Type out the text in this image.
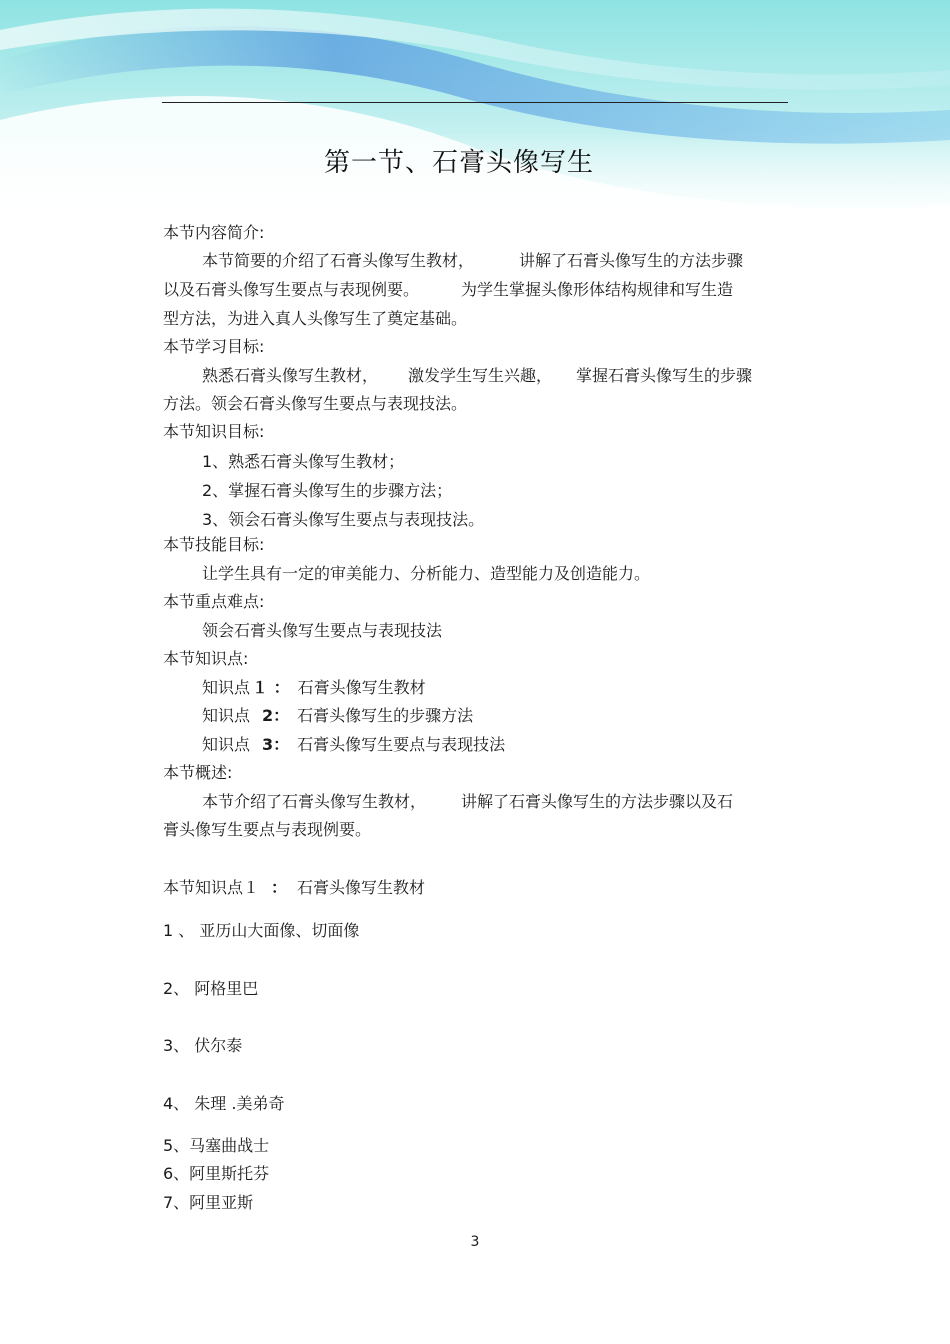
第一节、石膏头像写生
本节内容简介:
本节简要的介绍了石膏头像写生教材，	讲解了石膏头像写生的方法步骤
以及石膏头像写生要点与表现例要。	为学生掌握头像形体结构规律和写生造
型方法，为进入真人头像写生了奠定基础。
本节学习目标:
熟悉石膏头像写生教材， 激发学生写生兴趣， 掌握石膏头像写生的步骤
方法。领会石膏头像写生要点与表现技法。
本节知识目标:
1、熟悉石膏头像写生教材；
2、掌握石膏头像写生的步骤方法；
3、领会石膏头像写生要点与表现技法。
本节技能目标:
让学生具有一定的审美能力、分析能力、造型能力及创造能力。
本节重点难点:
领会石膏头像写生要点与表现技法
本节知识点:
知识点 １ ： 石膏头像写生教材
知识点 2： 石膏头像写生的步骤方法
知识点 3： 石膏头像写生要点与表现技法
本节概述:
本节介绍了石膏头像写生教材， 讲解了石膏头像写生的方法步骤以及石
膏头像写生要点与表现例要。
本节知识点１ ： 石膏头像写生教材
1 、 亚历山大面像、切面像
2、 阿格里巴
3、 伏尔泰
4、 朱理 .美弟奇
5、马塞曲战士
6、阿里斯托芬
7、阿里亚斯
3
